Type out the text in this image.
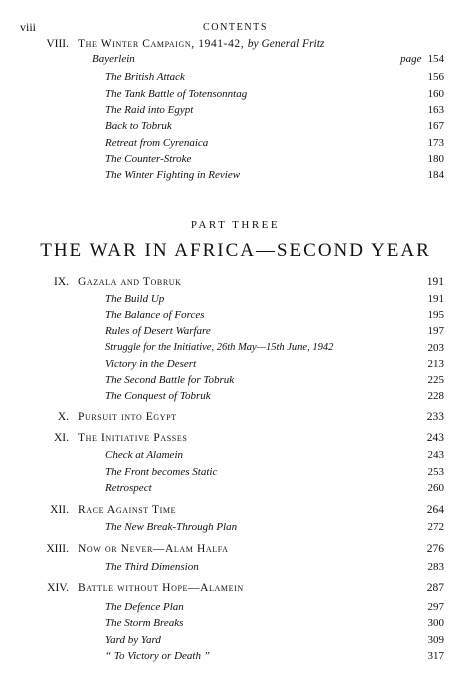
viii	CONTENTS
VIII. The Winter Campaign, 1941-42, by General Fritz
Bayerlein	page 154
The British Attack	156
The Tank Battle of Totensonntag	160
The Raid into Egypt	163
Back to Tobruk	167
Retreat from Cyrenaica	173
The Counter-Stroke	180
The Winter Fighting in Review	184
PART THREE
THE WAR IN AFRICA—SECOND YEAR
IX. Gazala and Tobruk	191
The Build Up	191
The Balance of Forces	195
Rules of Desert Warfare	197
Struggle for the Initiative, 26th May—15th June, 1942	203
Victory in the Desert	213
The Second Battle for Tobruk	225
The Conquest of Tobruk	228
X. Pursuit into Egypt	233
XI. The Initiative Passes	243
Check at Alamein	243
The Front becomes Static	253
Retrospect	260
XII. Race Against Time	264
The New Break-Through Plan	272
XIII. Now or Never—Alam Halfa	276
The Third Dimension	283
XIV. Battle without Hope—Alamein	287
The Defence Plan	297
The Storm Breaks	300
Yard by Yard	309
“ To Victory or Death ”	317
